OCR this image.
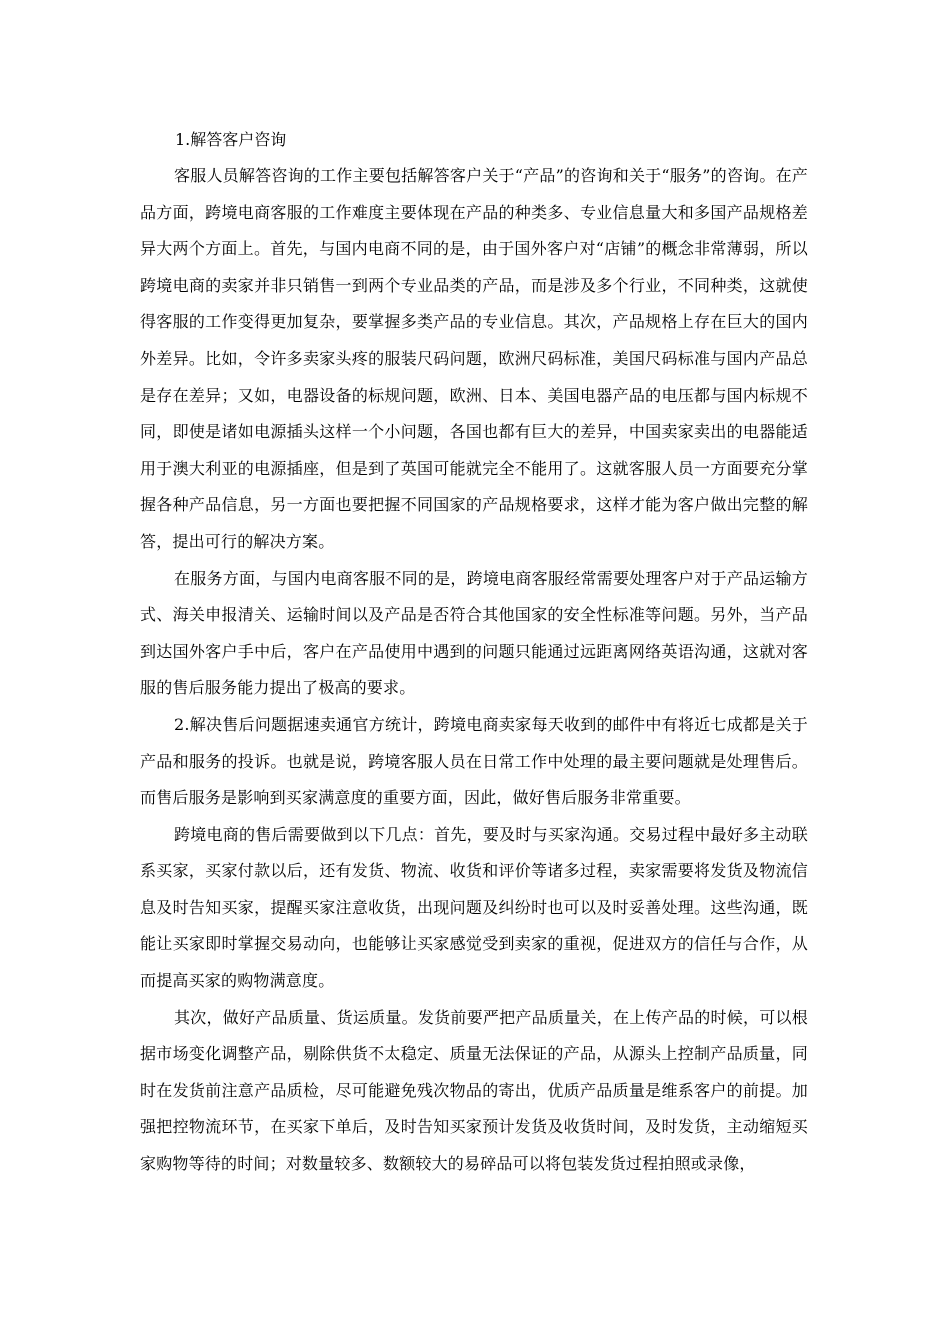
1.解答客户咨询

客服人员解答咨询的工作主要包括解答客户关于“产品”的咨询和关于“服务”的咨询。在产品方面，跨境电商客服的工作难度主要体现在产品的种类多、专业信息量大和多国产品规格差异大两个方面上。首先，与国内电商不同的是，由于国外客户对“店铺”的概念非常薄弱，所以跨境电商的卖家并非只销售一到两个专业品类的产品，而是涉及多个行业，不同种类，这就使得客服的工作变得更加复杂，要掌握多类产品的专业信息。其次，产品规格上存在巨大的国内外差异。比如，令许多卖家头疼的服装尺码问题，欧洲尺码标准，美国尺码标准与国内产品总是存在差异；又如，电器设备的标规问题，欧洲、日本、美国电器产品的电压都与国内标规不同，即使是诸如电源插头这样一个小问题，各国也都有巨大的差异，中国卖家卖出的电器能适用于澳大利亚的电源插座，但是到了英国可能就完全不能用了。这就客服人员一方面要充分掌握各种产品信息，另一方面也要把握不同国家的产品规格要求，这样才能为客户做出完整的解答，提出可行的解决方案。

在服务方面，与国内电商客服不同的是，跨境电商客服经常需要处理客户对于产品运输方式、海关申报清关、运输时间以及产品是否符合其他国家的安全性标准等问题。另外，当产品到达国外客户手中后，客户在产品使用中遇到的问题只能通过远距离网络英语沟通，这就对客服的售后服务能力提出了极高的要求。

2.解决售后问题据速卖通官方统计，跨境电商卖家每天收到的邮件中有将近七成都是关于产品和服务的投诉。也就是说，跨境客服人员在日常工作中处理的最主要问题就是处理售后。而售后服务是影响到买家满意度的重要方面，因此，做好售后服务非常重要。

跨境电商的售后需要做到以下几点：首先，要及时与买家沟通。交易过程中最好多主动联系买家，买家付款以后，还有发货、物流、收货和评价等诸多过程，卖家需要将发货及物流信息及时告知买家，提醒买家注意收货，出现问题及纠纷时也可以及时妥善处理。这些沟通，既能让买家即时掌握交易动向，也能够让买家感觉受到卖家的重视，促进双方的信任与合作，从而提高买家的购物满意度。

其次，做好产品质量、货运质量。发货前要严把产品质量关，在上传产品的时候，可以根据市场变化调整产品，剔除供货不太稳定、质量无法保证的产品，从源头上控制产品质量，同时在发货前注意产品质检，尽可能避免残次物品的寄出，优质产品质量是维系客户的前提。加强把控物流环节，在买家下单后，及时告知买家预计发货及收货时间，及时发货，主动缩短买家购物等待的时间；对数量较多、数额较大的易碎品可以将包装发货过程拍照或录像，
